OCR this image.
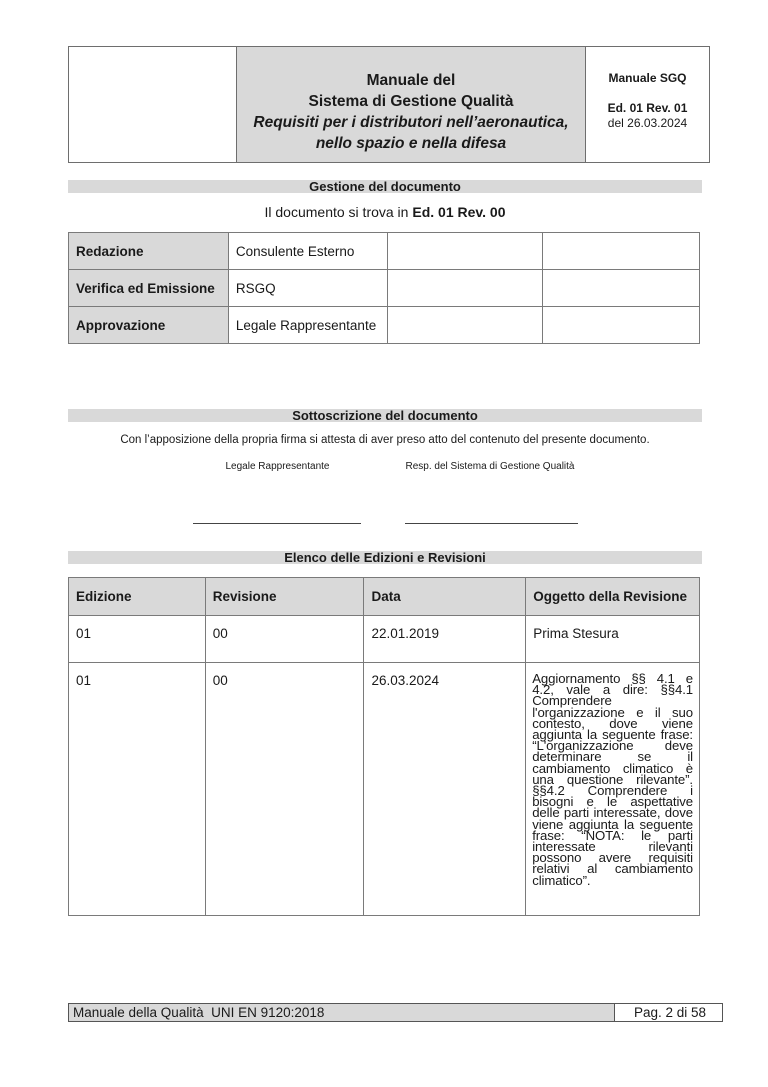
Manuale del
Sistema di Gestione Qualità
Requisiti per i distributori nell’aeronautica,
nello spazio e nella difesa
Manuale SGQ
Ed. 01 Rev. 01
del 26.03.2024
Gestione del documento
Il documento si trova in Ed. 01 Rev. 00
Redazione	Consulente Esterno		
Verifica ed Emissione	RSGQ		
Approvazione	Legale Rappresentante		
Sottoscrizione del documento
Con l’apposizione della propria firma si attesta di aver preso atto del contenuto del presente documento.
Legale Rappresentante	Resp. del Sistema di Gestione Qualità
Elenco delle Edizioni e Revisioni
Edizione	Revisione	Data	Oggetto della Revisione
01	00	22.01.2019	Prima Stesura
01	00	26.03.2024	Aggiornamento §§ 4.1 e 4.2, vale a dire: §§4.1 Comprendere l'organizzazione e il suo contesto, dove viene aggiunta la seguente frase: “L'organizzazione deve determinare se il cambiamento climatico è una questione rilevante”. §§4.2 Comprendere i bisogni e le aspettative delle parti interessate, dove viene aggiunta la seguente frase: “NOTA: le parti interessate rilevanti possono avere requisiti relativi al cambiamento climatico”.
Manuale della Qualità  UNI EN 9120:2018	Pag. 2 di 58
